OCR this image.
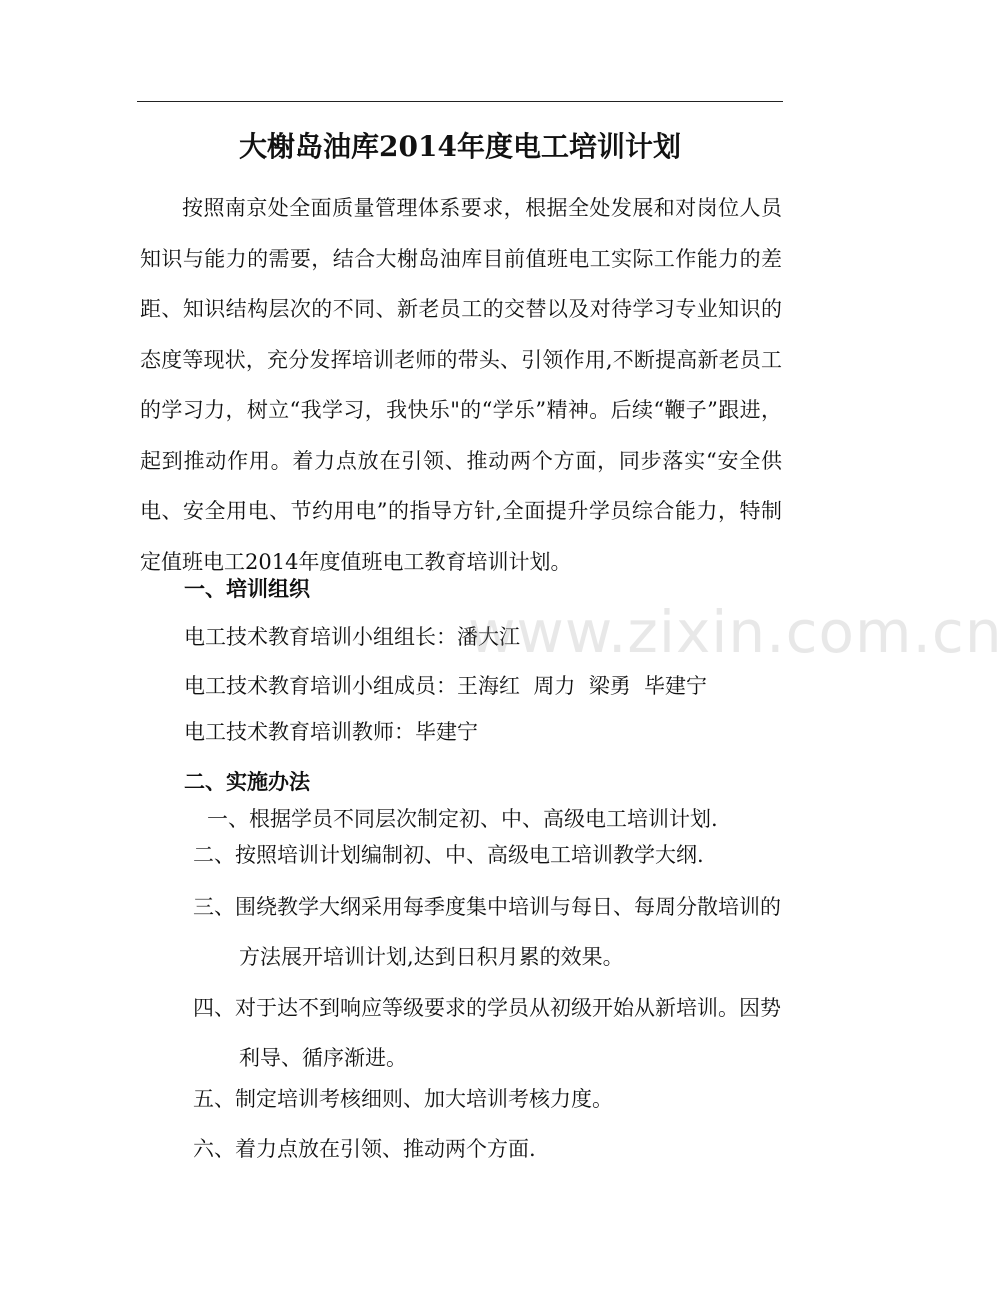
大榭岛油库2014年度电工培训计划

按照南京处全面质量管理体系要求，根据全处发展和对岗位人员知识与能力的需要，结合大榭岛油库目前值班电工实际工作能力的差距、知识结构层次的不同、新老员工的交替以及对待学习专业知识的态度等现状，充分发挥培训老师的带头、引领作用,不断提高新老员工的学习力，树立“我学习，我快乐"的“学乐”精神。后续“鞭子”跟进，起到推动作用。着力点放在引领、推动两个方面，同步落实“安全供电、安全用电、节约用电”的指导方针,全面提升学员综合能力，特制定值班电工2014年度值班电工教育培训计划。

一、培训组织
电工技术教育培训小组组长：潘大江
电工技术教育培训小组成员：王海红  周力  梁勇  毕建宁
电工技术教育培训教师：毕建宁
二、实施办法
一、根据学员不同层次制定初、中、高级电工培训计划.
二、按照培训计划编制初、中、高级电工培训教学大纲.
三、围绕教学大纲采用每季度集中培训与每日、每周分散培训的方法展开培训计划,达到日积月累的效果。
四、对于达不到响应等级要求的学员从初级开始从新培训。因势利导、循序渐进。
五、制定培训考核细则、加大培训考核力度。
六、着力点放在引领、推动两个方面.
www.zixin.com.cn
